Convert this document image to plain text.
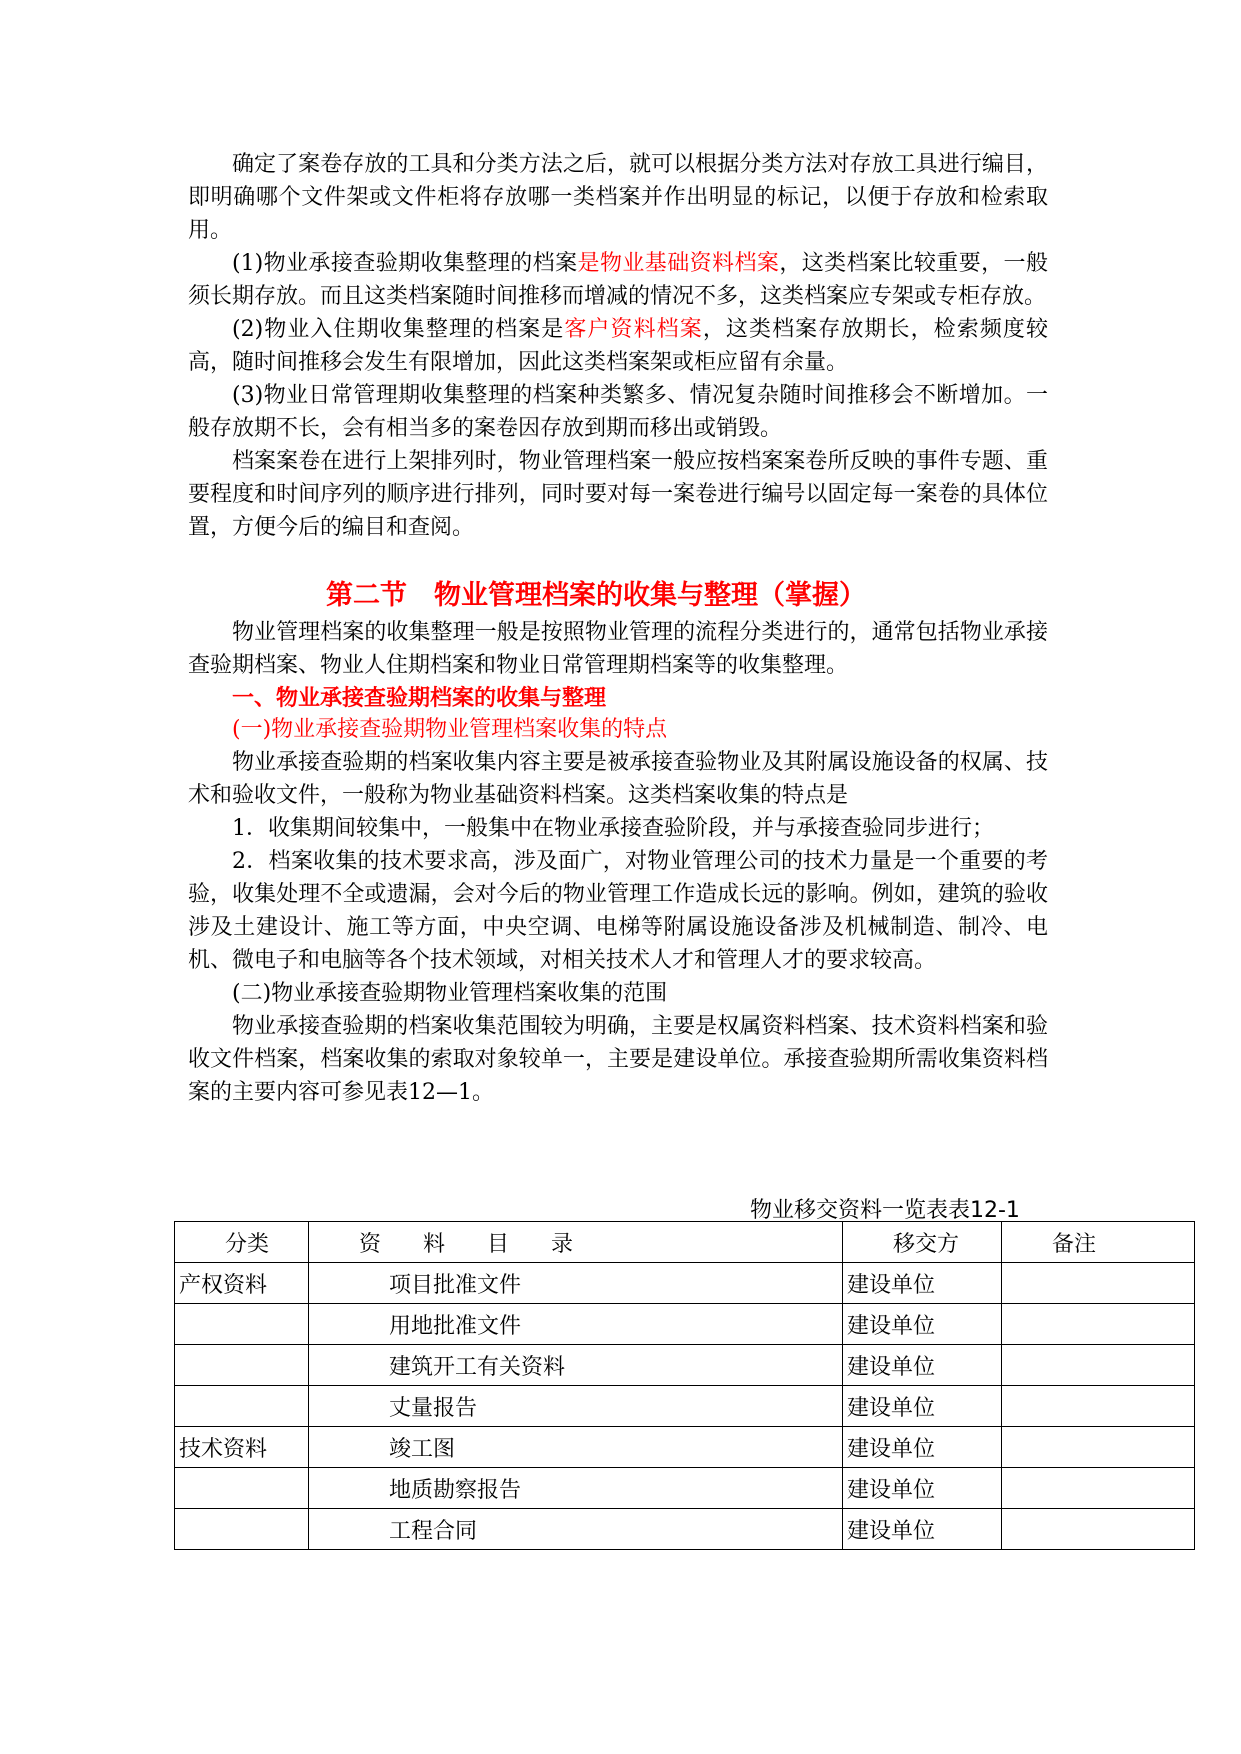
确定了案卷存放的工具和分类方法之后，就可以根据分类方法对存放工具进行编目，即明确哪个文件架或文件柜将存放哪一类档案并作出明显的标记，以便于存放和检索取用。

(1)物业承接查验期收集整理的档案是物业基础资料档案，这类档案比较重要，一般须长期存放。而且这类档案随时间推移而增减的情况不多，这类档案应专架或专柜存放。

(2)物业入住期收集整理的档案是客户资料档案，这类档案存放期长，检索频度较高，随时间推移会发生有限增加，因此这类档案架或柜应留有余量。

(3)物业日常管理期收集整理的档案种类繁多、情况复杂随时间推移会不断增加。一般存放期不长，会有相当多的案卷因存放到期而移出或销毁。

档案案卷在进行上架排列时，物业管理档案一般应按档案案卷所反映的事件专题、重要程度和时间序列的顺序进行排列，同时要对每一案卷进行编号以固定每一案卷的具体位置，方便今后的编目和查阅。

第二节　物业管理档案的收集与整理（掌握）

物业管理档案的收集整理一般是按照物业管理的流程分类进行的，通常包括物业承接查验期档案、物业人住期档案和物业日常管理期档案等的收集整理。

一、物业承接查验期档案的收集与整理
(一)物业承接查验期物业管理档案收集的特点

物业承接查验期的档案收集内容主要是被承接查验物业及其附属设施设备的权属、技术和验收文件，一般称为物业基础资料档案。这类档案收集的特点是

1．收集期间较集中，一般集中在物业承接查验阶段，并与承接查验同步进行；

2．档案收集的技术要求高，涉及面广，对物业管理公司的技术力量是一个重要的考验，收集处理不全或遗漏，会对今后的物业管理工作造成长远的影响。例如，建筑的验收涉及土建设计、施工等方面，中央空调、电梯等附属设施设备涉及机械制造、制冷、电机、微电子和电脑等各个技术领域，对相关技术人才和管理人才的要求较高。

(二)物业承接查验期物业管理档案收集的范围

物业承接查验期的档案收集范围较为明确，主要是权属资料档案、技术资料档案和验收文件档案，档案收集的索取对象较单一，主要是建设单位。承接查验期所需收集资料档案的主要内容可参见表12—1。

物业移交资料一览表表12-1
分类	资　料　目　录	移交方	备注
产权资料	项目批准文件	建设单位	
	用地批准文件	建设单位	
	建筑开工有关资料	建设单位	
	丈量报告	建设单位	
技术资料	竣工图	建设单位	
	地质勘察报告	建设单位	
	工程合同	建设单位	
